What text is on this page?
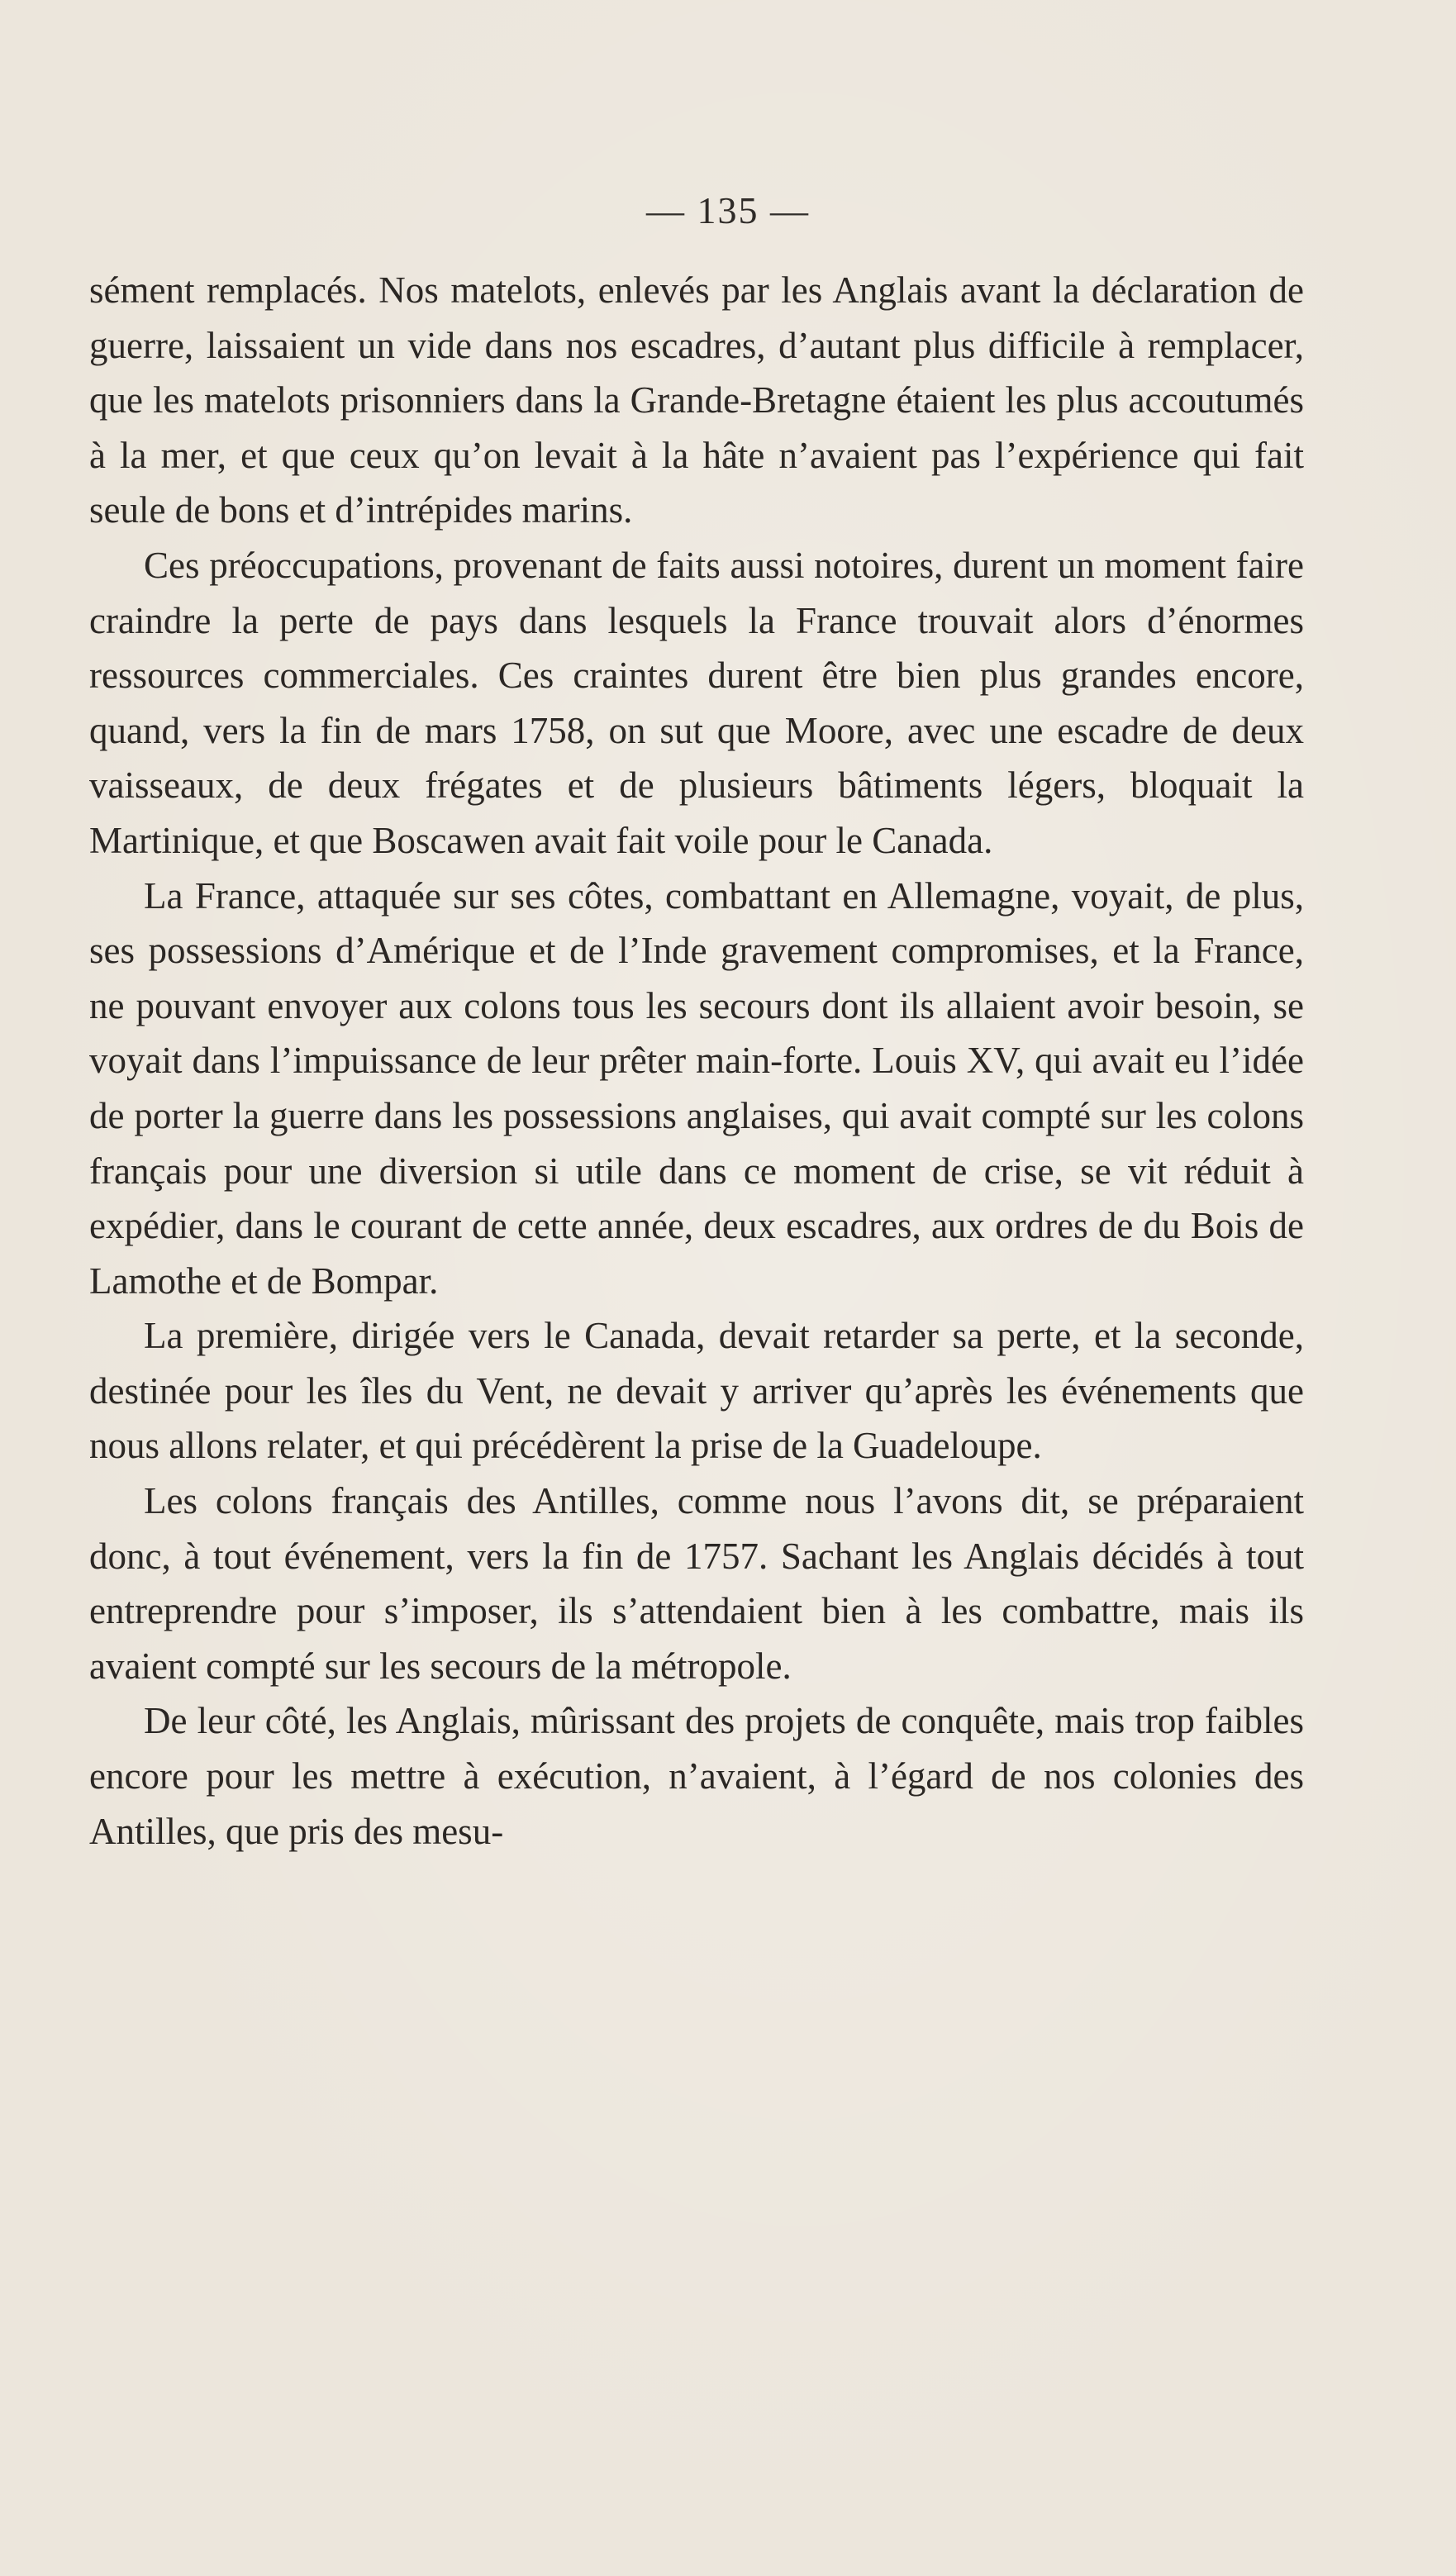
— 135 —

sément remplacés. Nos matelots, enlevés par les Anglais avant la déclaration de guerre, laissaient un vide dans nos escadres, d’autant plus difficile à remplacer, que les matelots prisonniers dans la Grande-Bretagne étaient les plus accoutumés à la mer, et que ceux qu’on levait à la hâte n’avaient pas l’expérience qui fait seule de bons et d’intrépides marins.

Ces préoccupations, provenant de faits aussi notoires, durent un moment faire craindre la perte de pays dans lesquels la France trouvait alors d’énormes ressources commerciales. Ces craintes durent être bien plus grandes encore, quand, vers la fin de mars 1758, on sut que Moore, avec une escadre de deux vaisseaux, de deux frégates et de plusieurs bâtiments légers, bloquait la Martinique, et que Boscawen avait fait voile pour le Canada.

La France, attaquée sur ses côtes, combattant en Allemagne, voyait, de plus, ses possessions d’Amérique et de l’Inde gravement compromises, et la France, ne pouvant envoyer aux colons tous les secours dont ils allaient avoir besoin, se voyait dans l’impuissance de leur prêter main-forte. Louis XV, qui avait eu l’idée de porter la guerre dans les possessions anglaises, qui avait compté sur les colons français pour une diversion si utile dans ce moment de crise, se vit réduit à expédier, dans le courant de cette année, deux escadres, aux ordres de du Bois de Lamothe et de Bompar.

La première, dirigée vers le Canada, devait retarder sa perte, et la seconde, destinée pour les îles du Vent, ne devait y arriver qu’après les événements que nous allons relater, et qui précédèrent la prise de la Guadeloupe.

Les colons français des Antilles, comme nous l’avons dit, se préparaient donc, à tout événement, vers la fin de 1757. Sachant les Anglais décidés à tout entreprendre pour s’imposer, ils s’attendaient bien à les combattre, mais ils avaient compté sur les secours de la métropole.

De leur côté, les Anglais, mûrissant des projets de conquête, mais trop faibles encore pour les mettre à exécution, n’avaient, à l’égard de nos colonies des Antilles, que pris des mesu-
